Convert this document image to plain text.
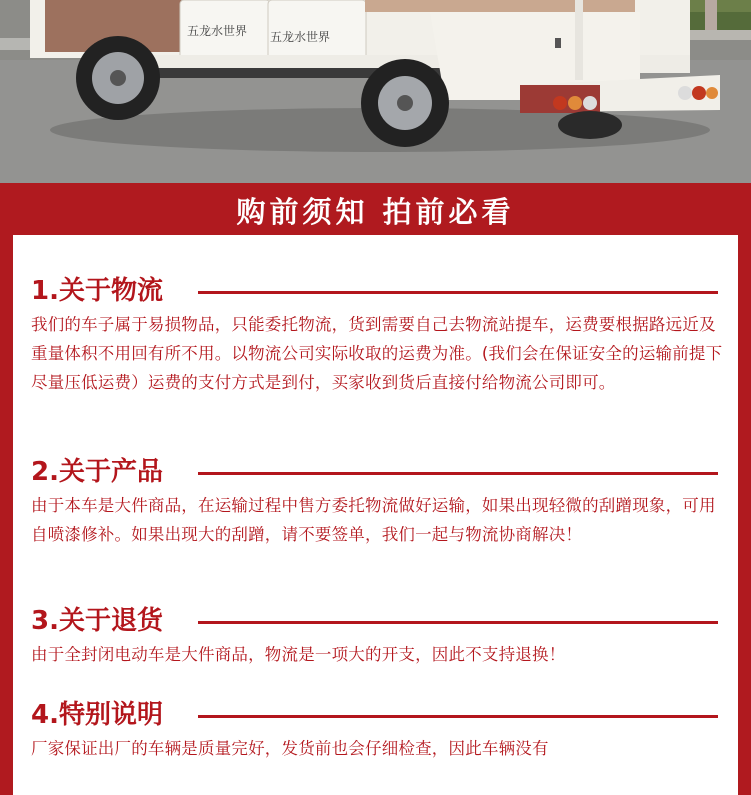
五龙水世界 五龙水世界
购前须知 拍前必看
1.关于物流
我们的车子属于易损物品，只能委托物流，货到需要自己去物流站提车，运费要根据路远近及重量体积不用回有所不用。以物流公司实际收取的运费为准。(我们会在保证安全的运输前提下尽量压低运费）运费的支付方式是到付，买家收到货后直接付给物流公司即可。
2.关于产品
由于本车是大件商品，在运输过程中售方委托物流做好运输，如果出现轻微的刮蹭现象，可用自喷漆修补。如果出现大的刮蹭，请不要签单，我们一起与物流协商解决！
3.关于退货
由于全封闭电动车是大件商品，物流是一项大的开支，因此不支持退换！
4.特别说明
厂家保证出厂的车辆是质量完好，发货前也会仔细检查，因此车辆没有
